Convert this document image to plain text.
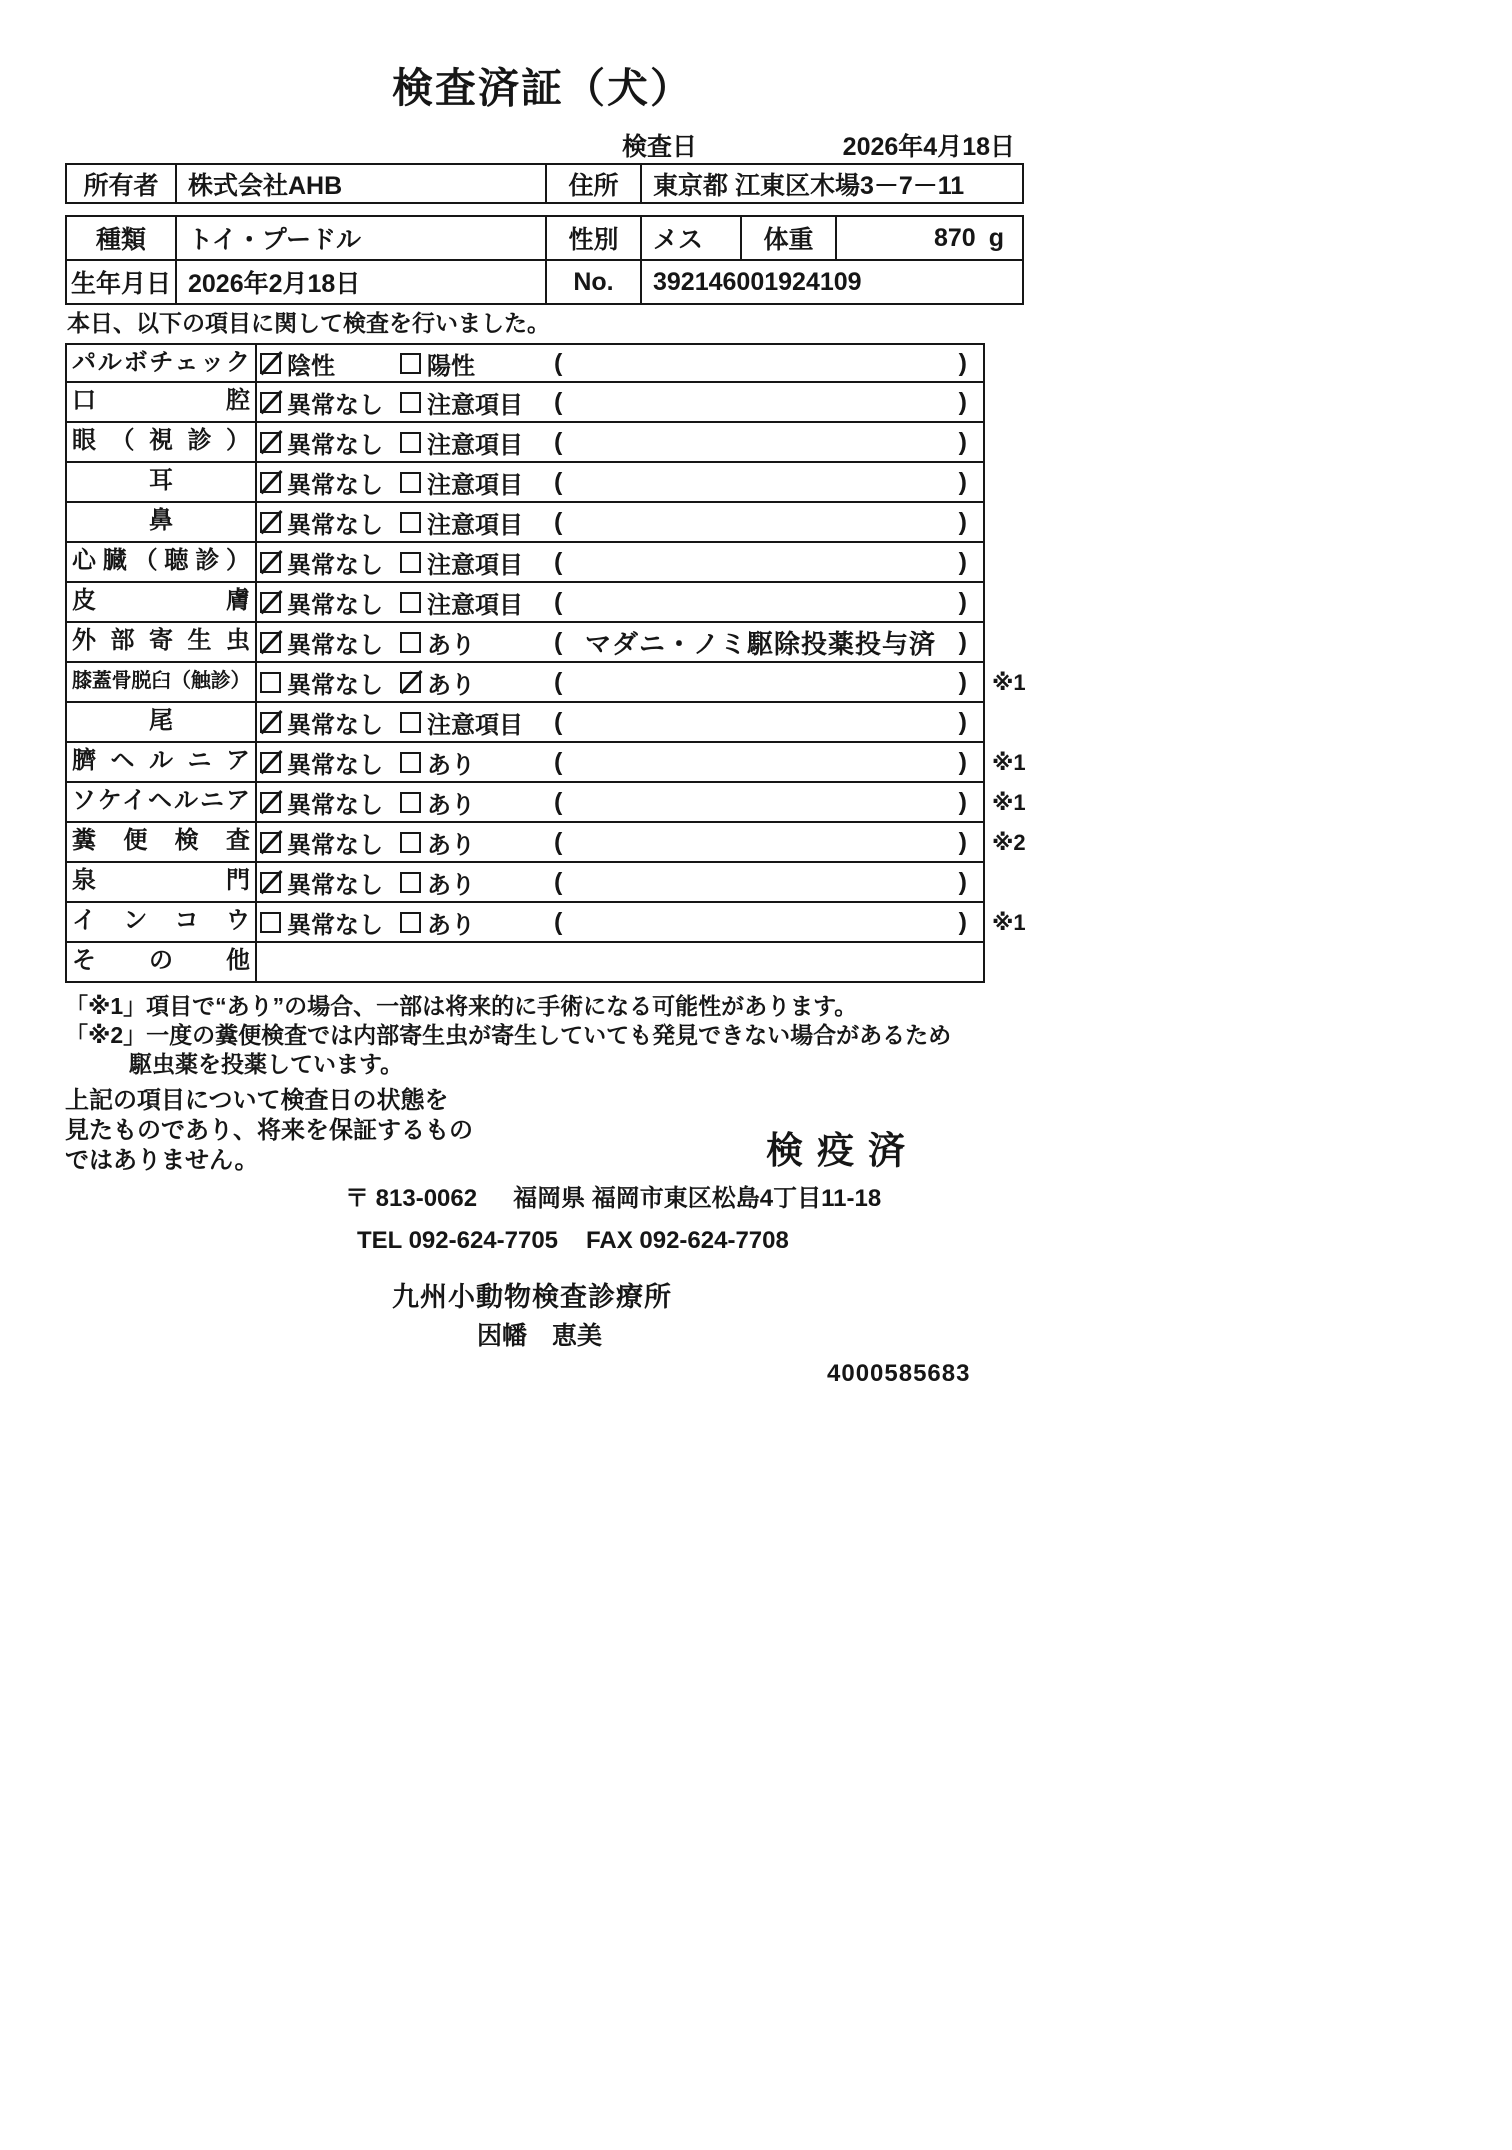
検査済証（犬）
検査日	2026年4月18日
所有者	株式会社AHB	住所	東京都 江東区木場3－7－11
種類	トイ・プードル	性別	メス	体重	870 g
生年月日 2026年2月18日	No.	392146001924109

本日、以下の項目に関して検査を行いました。

パルボチェック 陰性	陽性	(	)
口腔 異常なし 注意項目 (	)
眼（視診） 異常なし 注意項目 (	)
耳	異常なし 注意項目 (	)
鼻	異常なし 注意項目 (	)
心臓（聴診） 異常なし 注意項目 (	)
皮膚 異常なし 注意項目 (	)
外部寄生虫 異常なし あり	( マダニ・ノミ駆除投薬投与済 )
膝蓋骨脱臼（触診） 異常なし あり	(	)	※1
尾	異常なし 注意項目 (	)
臍ヘルニア 異常なし あり	(	)	※1
ソケイヘルニア 異常なし あり	(	)	※1
糞便検査 異常なし あり	(	)	※2
泉門 異常なし あり	(	)
インコウ 異常なし あり	(	)	※1
その他
「※1」項目で“あり”の場合、一部は将来的に手術になる可能性があります。
「※2」一度の糞便検査では内部寄生虫が寄生していても発見できない場合があるため
駆虫薬を投薬しています。
上記の項目について検査日の状態を
見たものであり、将来を保証するもの
ではありません。	検疫済
〒 813-0062 福岡県 福岡市東区松島4丁目11-18
TEL 092-624-7705 FAX 092-624-7708
九州小動物検査診療所
因幡　恵美
4000585683
